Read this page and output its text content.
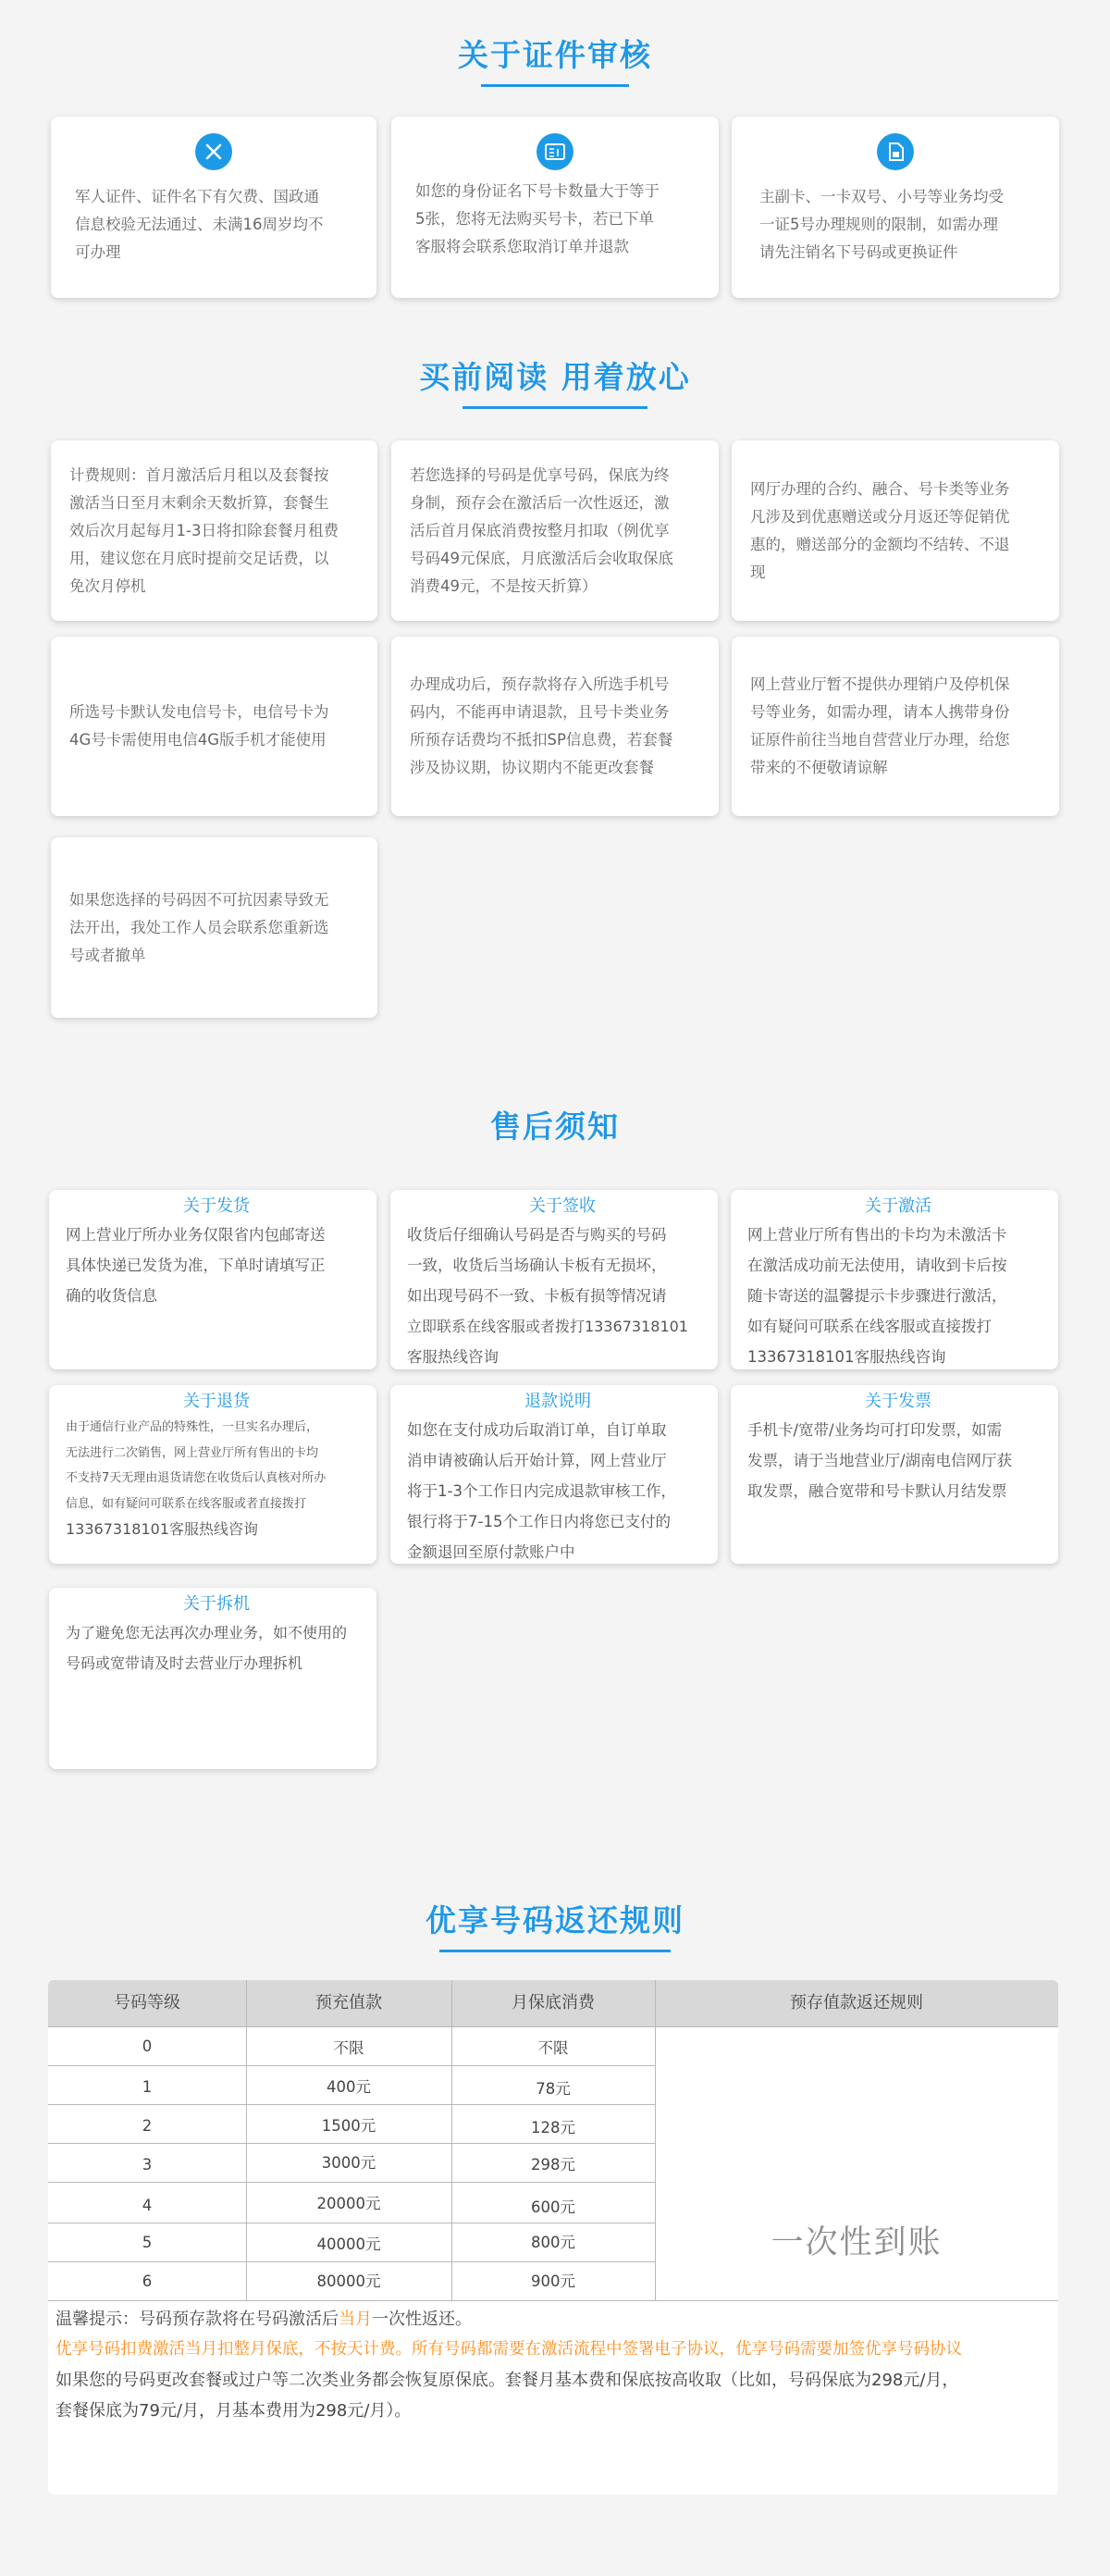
关于证件审核
军人证件、证件名下有欠费、国政通
信息校验无法通过、未满16周岁均不
可办理
如您的身份证名下号卡数量大于等于
5张，您将无法购买号卡，若已下单
客服将会联系您取消订单并退款
主副卡、一卡双号、小号等业务均受
一证5号办理规则的限制，如需办理
请先注销名下号码或更换证件
买前阅读 用着放心
计费规则：首月激活后月租以及套餐按
激活当日至月末剩余天数折算，套餐生
效后次月起每月1-3日将扣除套餐月租费
用，建议您在月底时提前交足话费，以
免次月停机
若您选择的号码是优享号码，保底为终
身制，预存会在激活后一次性返还，激
活后首月保底消费按整月扣取（例优享
号码49元保底，月底激活后会收取保底
消费49元，不是按天折算）
网厅办理的合约、融合、号卡类等业务
凡涉及到优惠赠送或分月返还等促销优
惠的，赠送部分的金额均不结转、不退
现
所选号卡默认发电信号卡，电信号卡为
4G号卡需使用电信4G版手机才能使用
办理成功后，预存款将存入所选手机号
码内，不能再申请退款，且号卡类业务
所预存话费均不抵扣SP信息费，若套餐
涉及协议期，协议期内不能更改套餐
网上营业厅暂不提供办理销户及停机保
号等业务，如需办理，请本人携带身份
证原件前往当地自营营业厅办理，给您
带来的不便敬请谅解
如果您选择的号码因不可抗因素导致无
法开出，我处工作人员会联系您重新选
号或者撤单
售后须知
关于发货
网上营业厅所办业务仅限省内包邮寄送
具体快递已发货为准，下单时请填写正
确的收货信息
关于签收
收货后仔细确认号码是否与购买的号码
一致，收货后当场确认卡板有无损坏，
如出现号码不一致、卡板有损等情况请
立即联系在线客服或者拨打13367318101
客服热线咨询
关于激活
网上营业厅所有售出的卡均为未激活卡
在激活成功前无法使用，请收到卡后按
随卡寄送的温馨提示卡步骤进行激活，
如有疑问可联系在线客服或直接拨打
13367318101客服热线咨询
关于退货
由于通信行业产品的特殊性，一旦实名办理后，
无法进行二次销售，网上营业厅所有售出的卡均
不支持7天无理由退货请您在收货后认真核对所办
信息，如有疑问可联系在线客服或者直接拨打
13367318101客服热线咨询
退款说明
如您在支付成功后取消订单，自订单取
消申请被确认后开始计算，网上营业厅
将于1-3个工作日内完成退款审核工作，
银行将于7-15个工作日内将您已支付的
金额退回至原付款账户中
关于发票
手机卡/宽带/业务均可打印发票，如需
发票，请于当地营业厅/湖南电信网厅获
取发票，融合宽带和号卡默认月结发票
关于拆机
为了避免您无法再次办理业务，如不使用的
号码或宽带请及时去营业厅办理拆机
优享号码返还规则
号码等级	预充值款	月保底消费	预存值款返还规则
0	不限	不限
1	400元	78元
2	1500元	128元
3	3000元	298元
4	20000元	600元
5	40000元	800元
6	80000元	900元
一次性到账

温馨提示：号码预存款将在号码激活后当月一次性返还。

优享号码扣费激活当月扣整月保底，不按天计费。所有号码都需要在激活流程中签署电子协议，优享号码需要加签优享号码协议

如果您的号码更改套餐或过户等二次类业务都会恢复原保底。套餐月基本费和保底按高收取（比如，号码保底为298元/月，

套餐保底为79元/月，月基本费用为298元/月）。
